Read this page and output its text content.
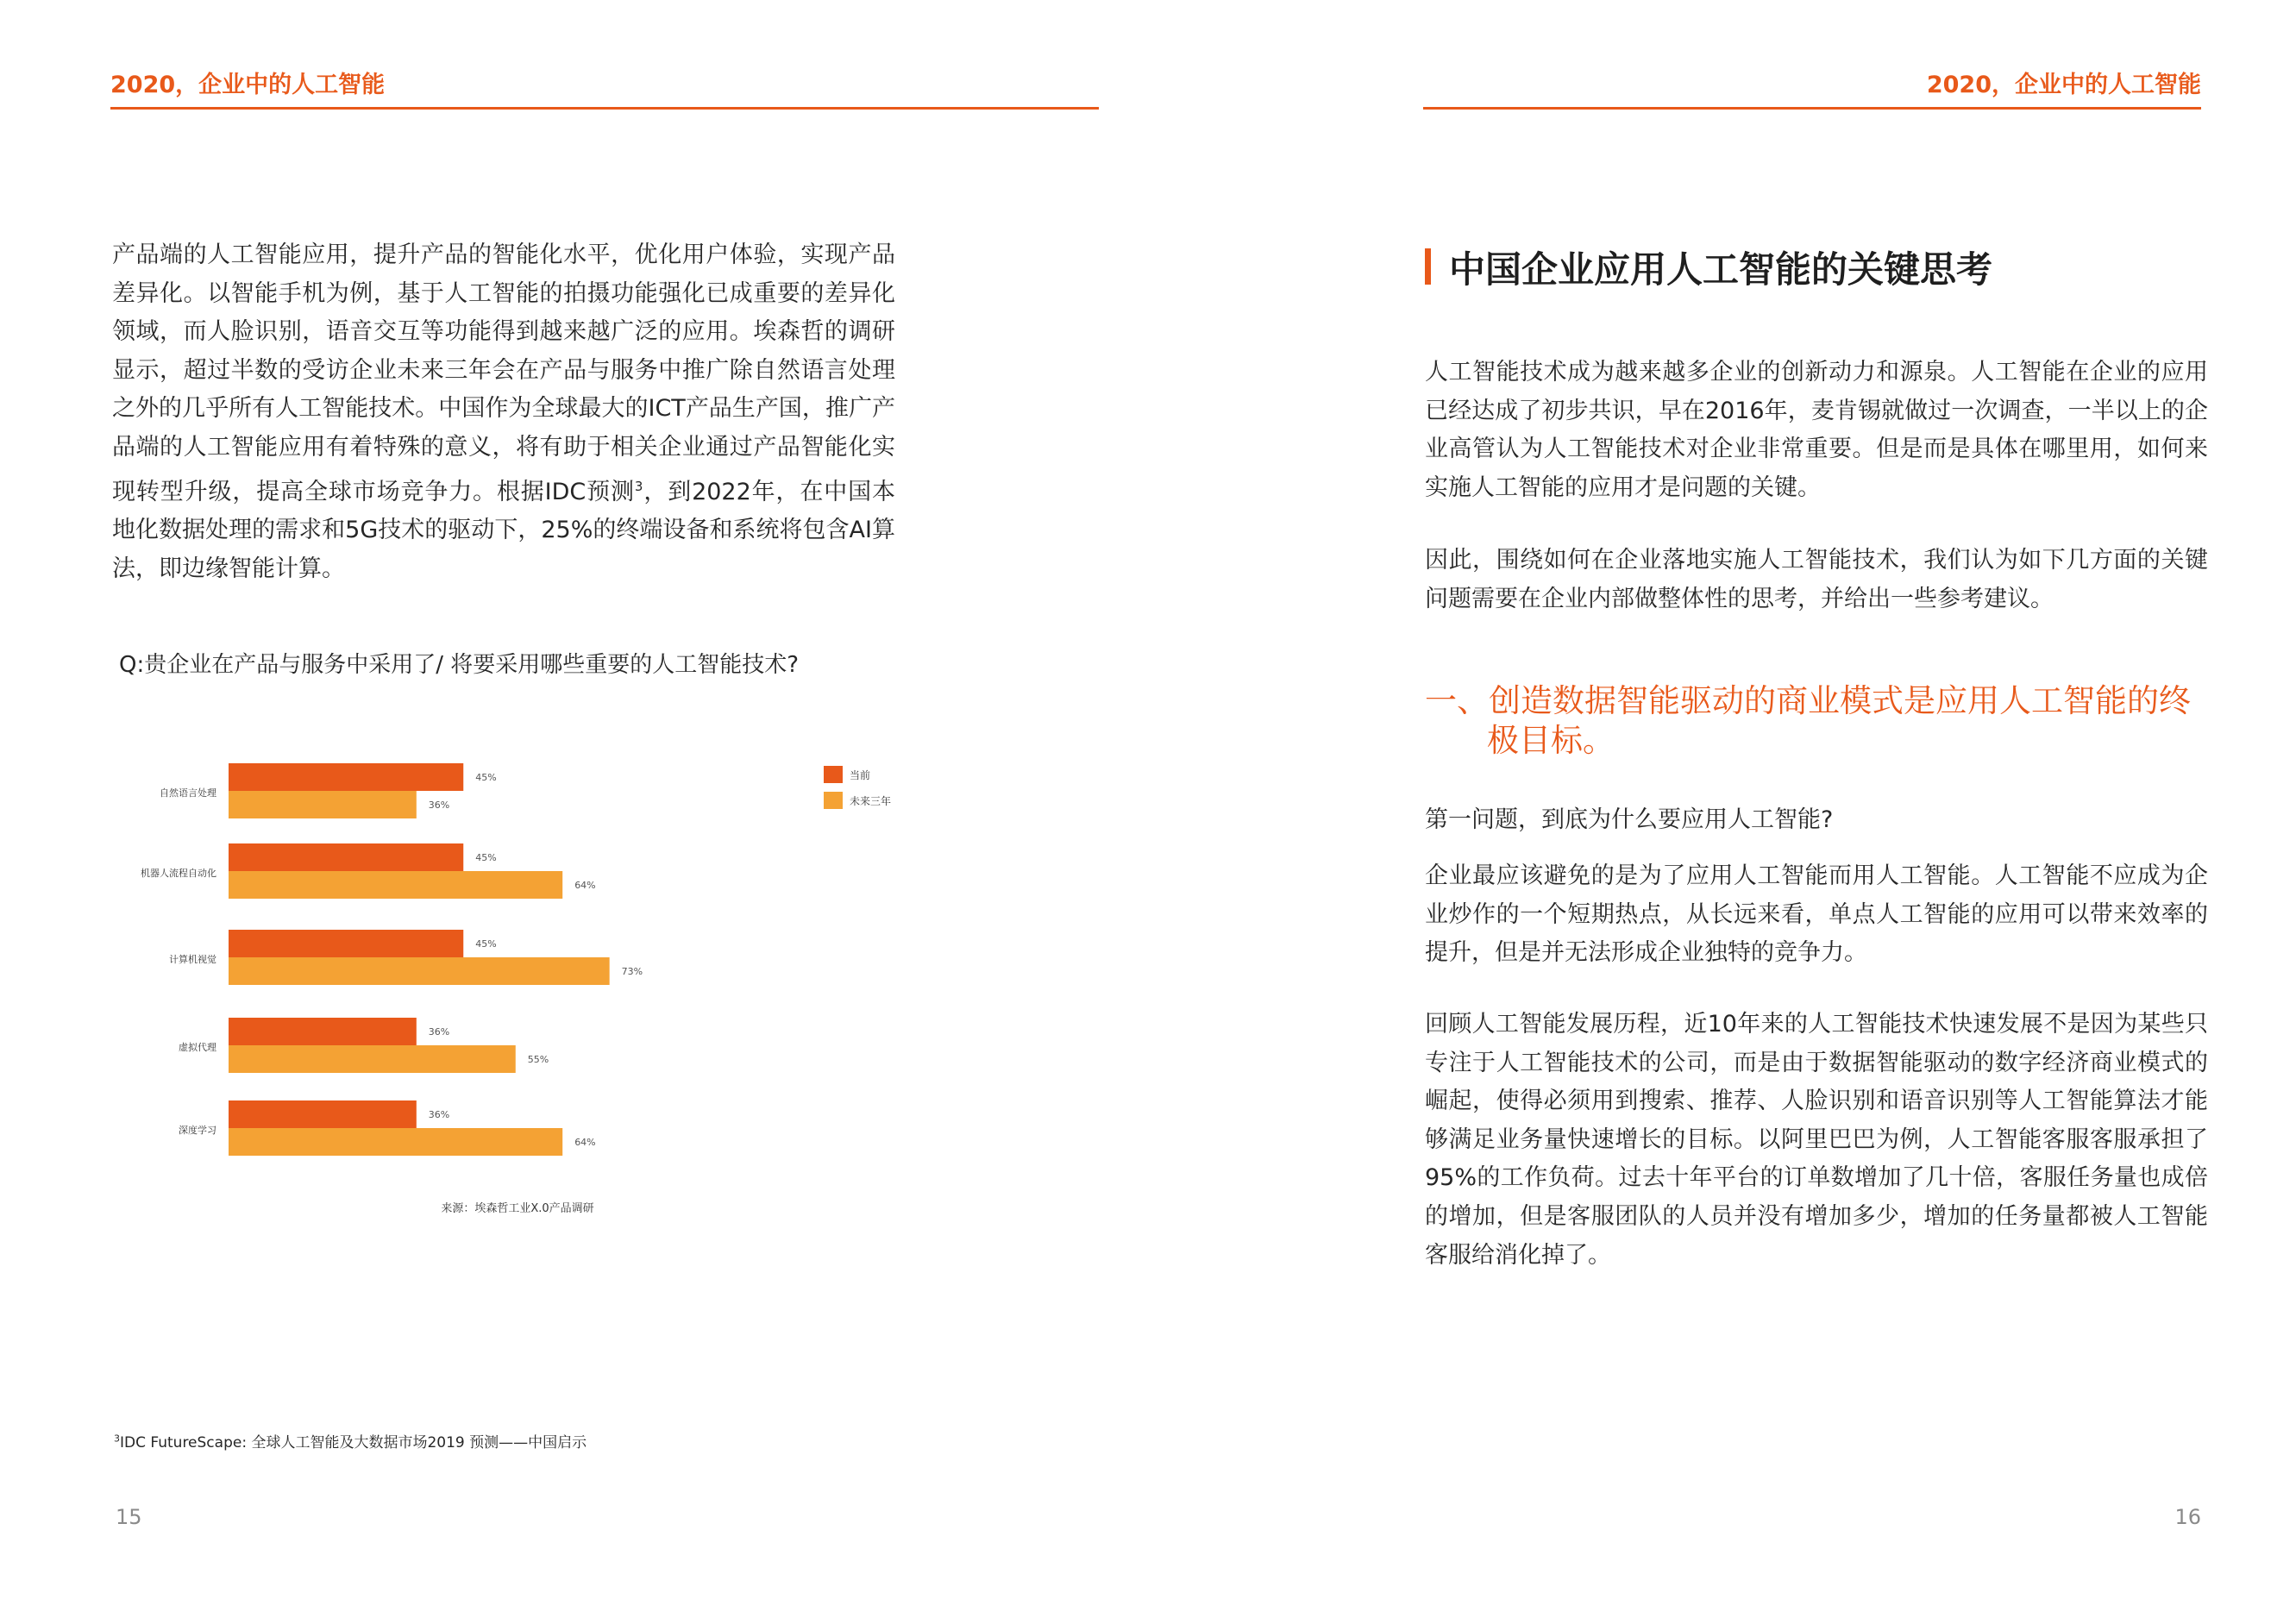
2020，企业中的人工智能	2020，企业中的人工智能
产品端的人工智能应用，提升产品的智能化水平，优化用户体验，实现产品差异化。以智能手机为例，基于人工智能的拍摄功能强化已成重要的差异化领域，而人脸识别，语音交互等功能得到越来越广泛的应用。埃森哲的调研显示，超过半数的受访企业未来三年会在产品与服务中推广除自然语言处理之外的几乎所有人工智能技术。中国作为全球最大的ICT产品生产国，推广产品端的人工智能应用有着特殊的意义，将有助于相关企业通过产品智能化实现转型升级，提高全球市场竞争力。根据IDC预测$^3$，到2022年，在中国本地化数据处理的需求和5G技术的驱动下，25%的终端设备和系统将包含AI算法，即边缘智能计算。
Q:贵企业在产品与服务中采用了/ 将要采用哪些重要的人工智能技术?
自然语言处理
45%
36%
机器人流程自动化
45%
64%
计算机视觉
45%
73%
虚拟代理
36%
55%
深度学习
36%
64%
当前
未来三年
来源：埃森哲工业X.0产品调研
$^3$IDC FutureScape: 全球人工智能及大数据市场2019 预测——中国启示
15
中国企业应用人工智能的关键思考
人工智能技术成为越来越多企业的创新动力和源泉。人工智能在企业的应用已经达成了初步共识，早在2016年，麦肯锡就做过一次调查，一半以上的企业高管认为人工智能技术对企业非常重要。但是而是具体在哪里用，如何来实施人工智能的应用才是问题的关键。
因此，围绕如何在企业落地实施人工智能技术，我们认为如下几方面的关键问题需要在企业内部做整体性的思考，并给出一些参考建议。
一、创造数据智能驱动的商业模式是应用人工智能的终极目标。
第一问题，到底为什么要应用人工智能?
企业最应该避免的是为了应用人工智能而用人工智能。人工智能不应成为企业炒作的一个短期热点，从长远来看，单点人工智能的应用可以带来效率的提升，但是并无法形成企业独特的竞争力。
回顾人工智能发展历程，近10年来的人工智能技术快速发展不是因为某些只专注于人工智能技术的公司，而是由于数据智能驱动的数字经济商业模式的崛起，使得必须用到搜索、推荐、人脸识别和语音识别等人工智能算法才能够满足业务量快速增长的目标。以阿里巴巴为例，人工智能客服客服承担了95%的工作负荷。过去十年平台的订单数增加了几十倍，客服任务量也成倍的增加，但是客服团队的人员并没有增加多少，增加的任务量都被人工智能客服给消化掉了。
16
